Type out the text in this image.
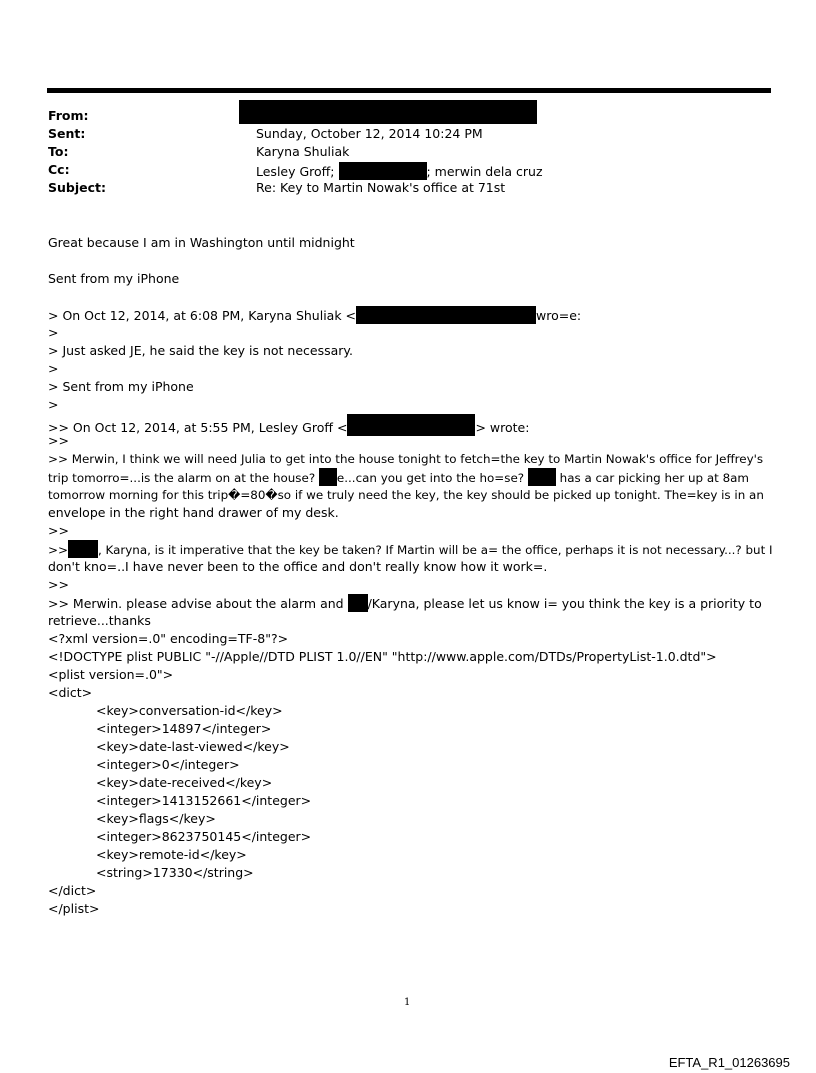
From:
Sent:	Sunday, October 12, 2014 10:24 PM
To:	Karyna Shuliak
Cc:	Lesley Groff;	; merwin dela cruz
Subject:	Re: Key to Martin Nowak's office at 71st
Great because I am in Washington until midnight
Sent from my iPhone
> On Oct 12, 2014, at 6:08 PM, Karyna Shuliak <	wro=e:
>
> Just asked JE, he said the key is not necessary.
>
> Sent from my iPhone
>
>> On Oct 12, 2014, at 5:55 PM, Lesley Groff <	> wrote:
>>
>> Merwin, I think we will need Julia to get into the house tonight to fetch=the key to Martin Nowak's office for Jeffrey's
trip tomorro=...is the alarm on at the house? e...can you get into the ho=se?	has a car picking her up at 8am
tomorrow morning for this trip�=80�so if we truly need the key, the key should be picked up tonight. The=key is in an
envelope in the right hand drawer of my desk.
>>
>>	, Karyna, is it imperative that the key be taken? If Martin will be a= the office, perhaps it is not necessary...? but I
don't kno=..I have never been to the office and don't really know how it work=.
>>
>> Merwin. please advise about the alarm and /Karyna, please let us know i= you think the key is a priority to
retrieve...thanks
<?xml version=.0" encoding=TF-8"?>
<!DOCTYPE plist PUBLIC "-//Apple//DTD PLIST 1.0//EN" "http://www.apple.com/DTDs/PropertyList-1.0.dtd">
<plist version=.0">
<dict>
<key>conversation-id</key>
<integer>14897</integer>
<key>date-last-viewed</key>
<integer>0</integer>
<key>date-received</key>
<integer>1413152661</integer>
<key>flags</key>
<integer>8623750145</integer>
<key>remote-id</key>
<string>17330</string>
</dict>
</plist>
1
EFTA_R1_01263695
